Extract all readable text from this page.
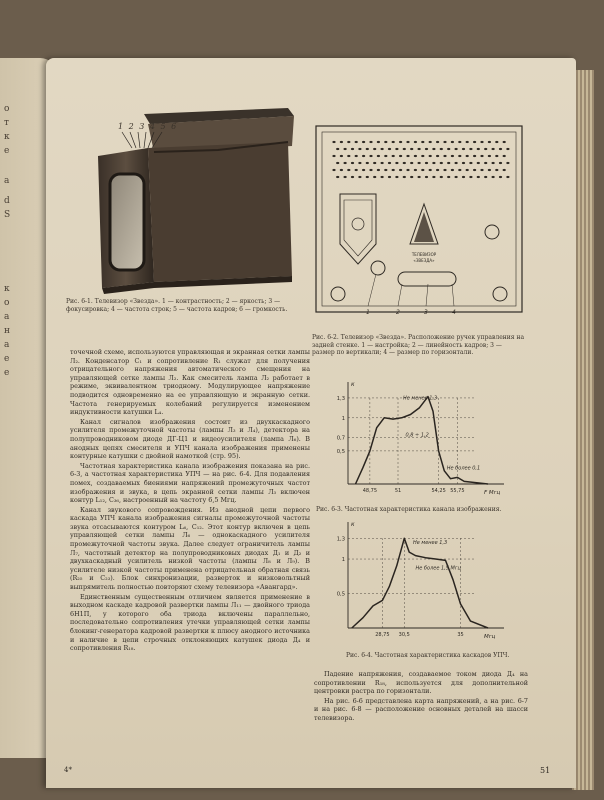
о
т
к
е
а
d
S
к
о
а
н
а
е
е
1 2 3 4 5 6
Рис. 6-1. Телевизор «Звезда». 1 — контрастность; 2 — яркость; 3 — фокусировка; 4 — частота строк; 5 — частота кадров; 6 — громкость.
ТЕЛЕВИЗОР
«ЗВЕЗДА»
1	2	3	4
Рис. 6-2. Телевизор «Звезда». Расположение ручек управления на задней стенке. 1 — настройка; 2 — линейность кадров; 3 — размер по вертикали; 4 — размер по горизонтали.

точечной схеме, используются управляющая и экранная сетки лампы Л₂. Конденсатор C₁ и сопротивление R₁ служат для получения отрицательного напряжения автоматического смещения на управляющей сетке лампы Л₂. Как смеситель лампа Л₂ работает в режиме, эквивалентном триодному. Модулирующее напряжение подводится одновременно на ее управляющую и экранную сетки. Частота генерируемых колебаний регулируется изменением индуктивности катушки L₄.

Канал сигналов изображения состоит из двухкаскадного усилителя промежуточной частоты (лампы Л₃ и Л₄), детектора на полупроводниковом диоде ДГ-Ц1 и видеоусилителя (лампа Л₆). В анодных цепях смесителя и УПЧ канала изображения применены контурные катушки с двойной намоткой (стр. 95).

Частотная характеристика канала изображения показана на рис. 6-3, а частотная характеристика УПЧ — на рис. 6-4. Для подавления помех, создаваемых биениями напряжений промежуточных частот изображения и звука, в цепь экранной сетки лампы Л₃ включен контур L₁₂, C₃₆, настроенный на частоту 6,5 Мгц.

Канал звукового сопровождения. Из анодной цепи первого каскада УПЧ канала изображения сигналы промежуточной частоты звука отсасываются контуром L₆, C₁₂. Этот контур включен в цепь управляющей сетки лампы Л₆ — однокаскадного усилителя промежуточной частоты звука. Далее следует ограничитель лампы Л₇, частотный детектор на полупроводниковых диодах Д₁ и Д₂ и двухкаскадный усилитель низкой частоты (лампы Л₈ и Л₉). В усилителе низкой частоты применена отрицательная обратная связь (R₂₅ и C₂₃). Блок синхронизации, разверток и низковольтный выпрямитель полностью повторяют схему телевизора «Авангард».

Единственным существенным отличием является применение в выходном каскаде кадровой развертки лампы Л₁₁ — двойного триода 6Н1П, у которого оба триода включены параллельно, последовательно сопротивления утечки управляющей сетки лампы блокинг-генератора кадровой развертки к плюсу анодного источника и наличие в цепи строчных отклоняющих катушек диода Д₄ и сопротивления R₁₈.

к
F Мгц
1,3
1
0,7
0,5
48,75	51	54,25 55,75
Не менее 1,3
0,8 ÷ 1,2
Не более 0,1
Рис. 6-3. Частотная характеристика канала изображения.
к
Мгц
1,3
1
0,5
28,75 30,5	35
Не менее 1,3
Не более 1,5 Мгц
Рис. 6-4. Частотная характеристика каскадов УПЧ.

Падение напряжения, создаваемое током диода Д₄ на сопротивлении R₁₈, используется для дополнительной центровки растра по горизонтали.

На рис. 6-6 представлена карта напряжений, а на рис. 6-7 и на рис. 6-8 — расположение основных деталей на шасси телевизора.

51
4*
